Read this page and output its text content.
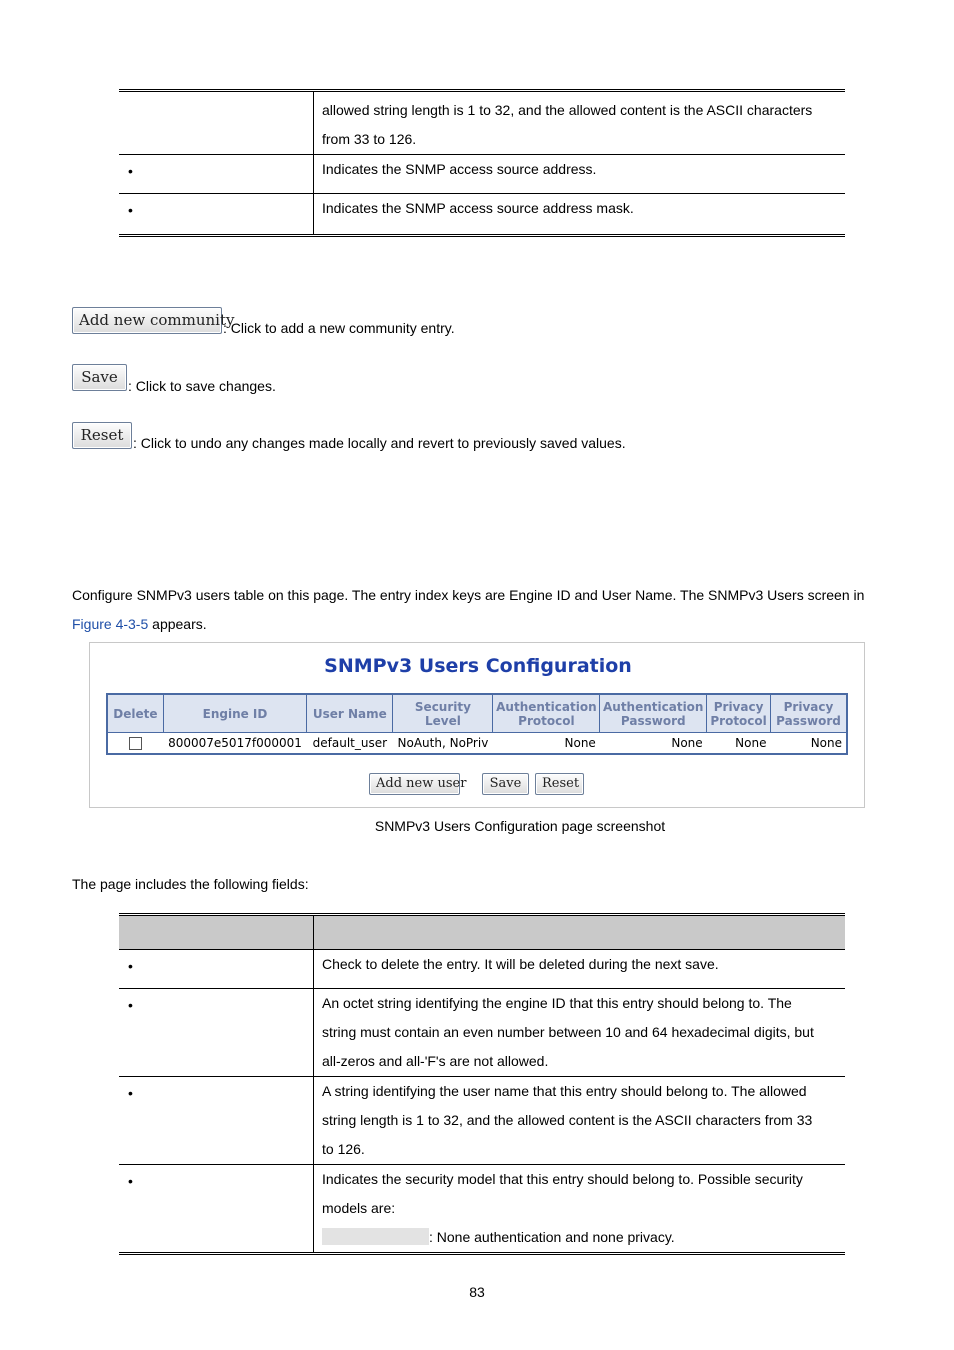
	allowed string length is 1 to 32, and the allowed content is the ASCII characters
from 33 to 126.

•	Indicates the SNMP access source address.

•	Indicates the SNMP access source address mask.
Add new community
: Click to add a new community entry.
Save : Click to save changes.
Reset : Click to undo any changes made locally and revert to previously saved values.
Configure SNMPv3 users table on this page. The entry index keys are Engine ID and User Name. The SNMPv3 Users screen in
Figure 4-3-5 appears.
SNMPv3 Users Configuration
Delete	Engine ID	User Name	Security Level	Authentication Protocol	Authentication Password	Privacy Protocol	Privacy Password
	800007e5017f000001	default_user	NoAuth, NoPriv	None	None	None	None
Add new user	Save	Reset
SNMPv3 Users Configuration page screenshot
The page includes the following fields:

•	Check to delete the entry. It will be deleted during the next save.

•	An octet string identifying the engine ID that this entry should belong to. The
string must contain an even number between 10 and 64 hexadecimal digits, but
all-zeros and all-'F's are not allowed.

•	A string identifying the user name that this entry should belong to. The allowed
string length is 1 to 32, and the allowed content is the ASCII characters from 33
to 126.

•	Indicates the security model that this entry should belong to. Possible security
models are:
: None authentication and none privacy.
83
